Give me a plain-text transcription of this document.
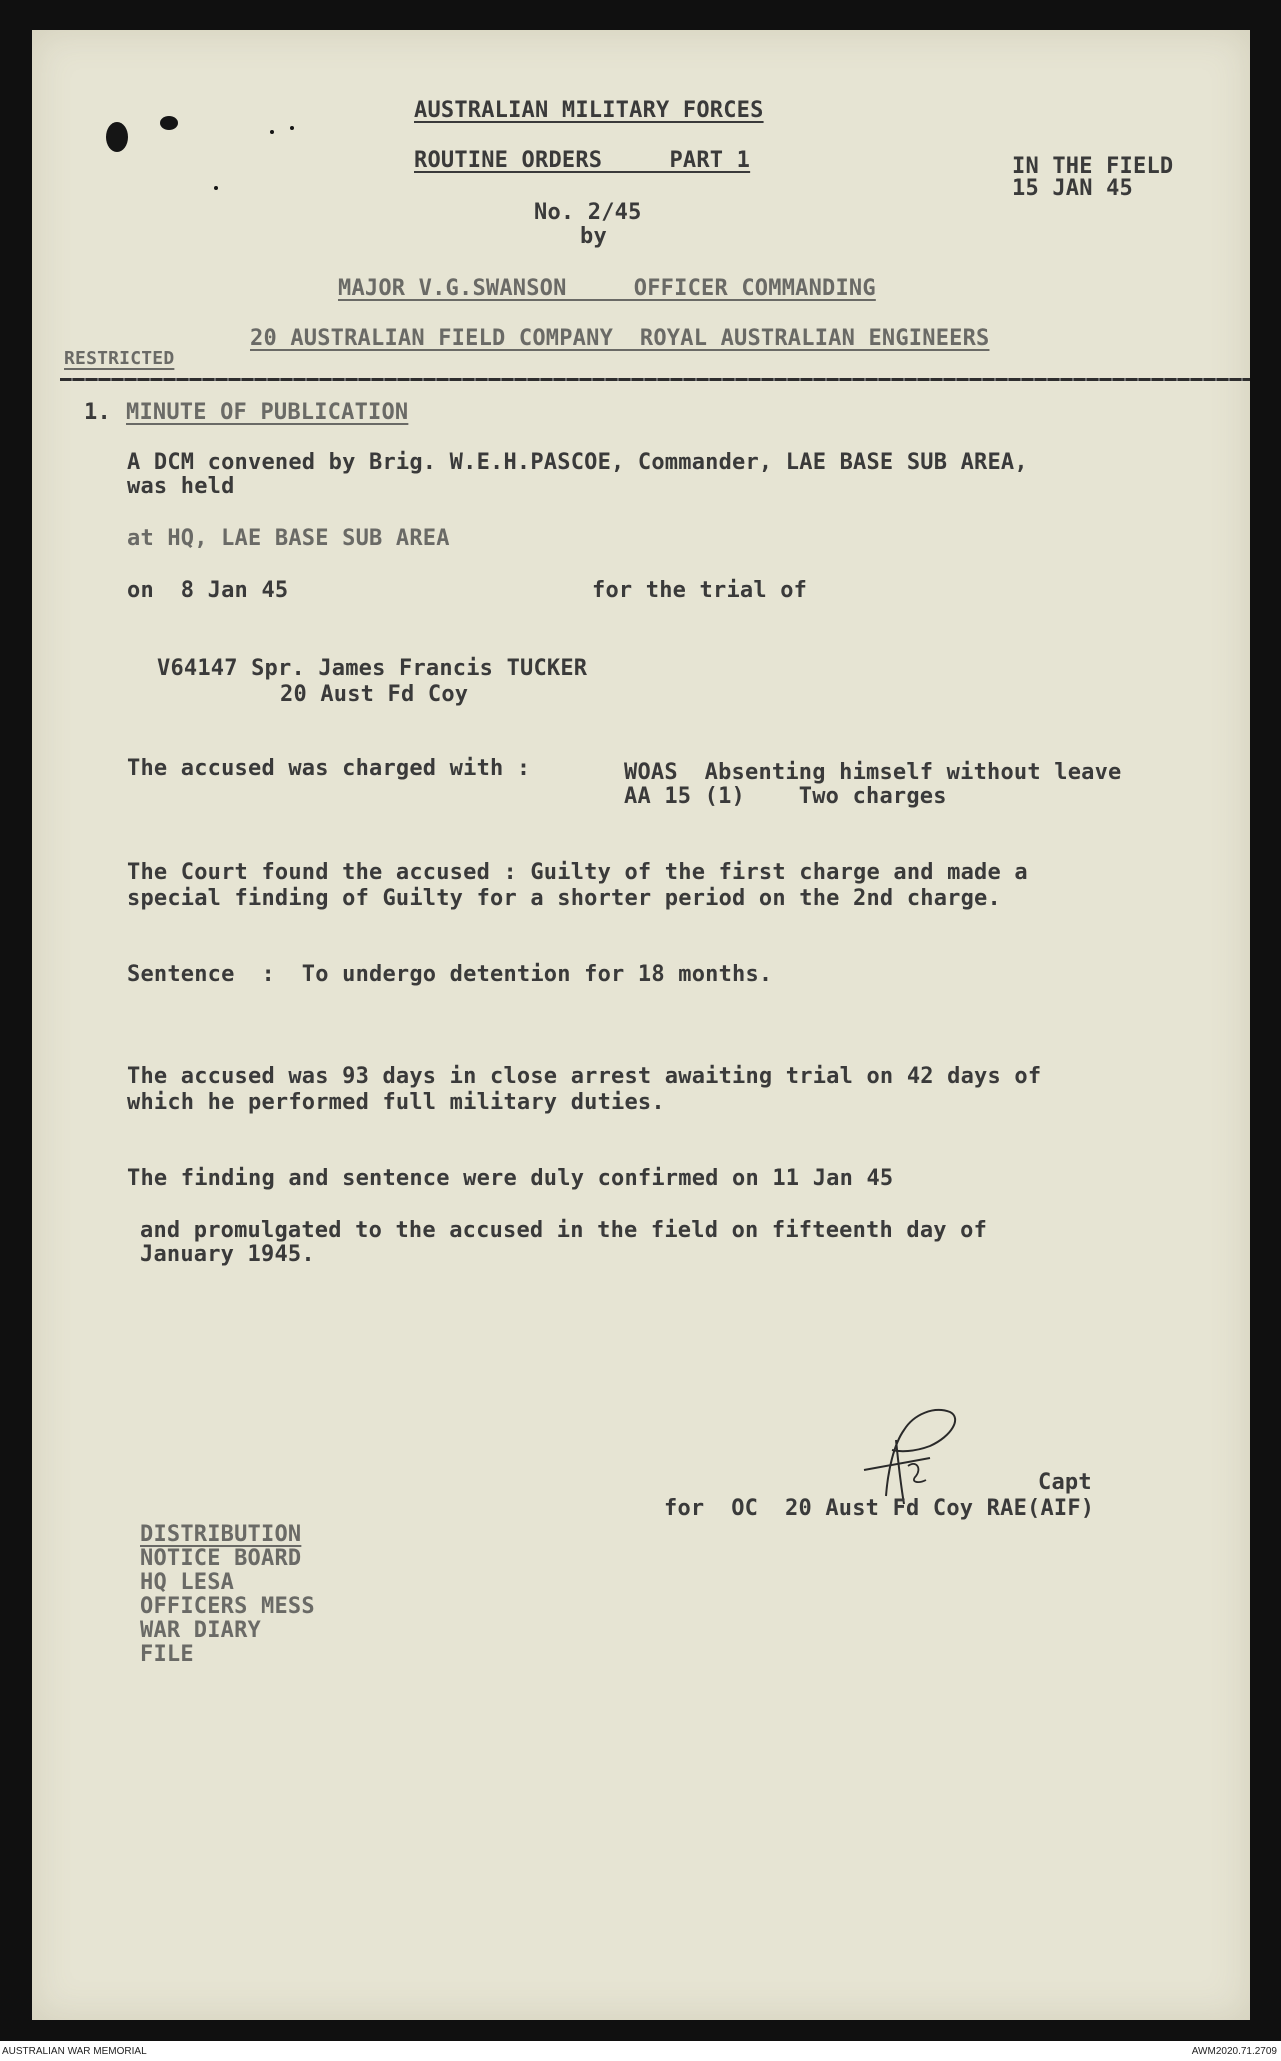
AUSTRALIAN MILITARY FORCES
ROUTINE ORDERS     PART 1	IN THE FIELD
15 JAN 45
No. 2/45
by
MAJOR V.G.SWANSON     OFFICER COMMANDING
20 AUSTRALIAN FIELD COMPANY  ROYAL AUSTRALIAN ENGINEERS
RESTRICTED
1. MINUTE OF PUBLICATION
A DCM convened by Brig. W.E.H.PASCOE, Commander, LAE BASE SUB AREA,
was held
at HQ, LAE BASE SUB AREA
on  8 Jan 45	for the trial of
V64147 Spr. James Francis TUCKER
20 Aust Fd Coy
The accused was charged with :	WOAS  Absenting himself without leave
AA 15 (1)    Two charges
The Court found the accused : Guilty of the first charge and made a
special finding of Guilty for a shorter period on the 2nd charge.
Sentence  :  To undergo detention for 18 months.
The accused was 93 days in close arrest awaiting trial on 42 days of
which he performed full military duties.
The finding and sentence were duly confirmed on 11 Jan 45
and promulgated to the accused in the field on fifteenth day of
January 1945.
Capt
for  OC  20 Aust Fd Coy RAE(AIF)
DISTRIBUTION
NOTICE BOARD
HQ LESA
OFFICERS MESS
WAR DIARY
FILE
AUSTRALIAN WAR MEMORIAL	AWM2020.71.2709
